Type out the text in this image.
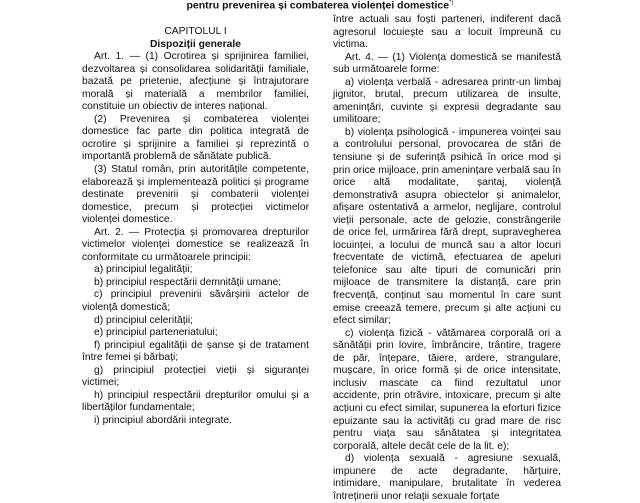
pentru prevenirea și combaterea violenței domestice*)

CAPITOLUL I

Dispoziții generale

Art. 1. — (1) Ocrotirea și sprijinirea familiei, dezvoltarea și consolidarea solidarității familiale, bazată pe prietenie, afecțiune și întrajutorare morală și materială a membrilor familiei, constituie un obiectiv de interes național.

(2) Prevenirea și combaterea violenței domestice fac parte din politica integrată de ocrotire și sprijinire a familiei și reprezintă o importantă problemă de sănătate publică.

(3) Statul român, prin autoritățile competente, elaborează și implementează politici și programe destinate prevenirii și combaterii violenței domestice, precum și protecției victimelor violenței domestice.

Art. 2. — Protecția și promovarea drepturilor victimelor violenței domestice se realizează în conformitate cu următoarele principii:

a) principiul legalității;

b) principiul respectării demnității umane;

c) principiul prevenirii săvârșirii actelor de violență domestică;

d) principiul celerității;

e) principiul parteneriatului;

f) principiul egalității de șanse și de tratament între femei și bărbați;

g) principiul protecției vieții și siguranței victimei;

h) principiul respectării drepturilor omului și a libertăților fundamentale;

i) principiul abordării integrate.

între actuali sau foști parteneri, indiferent dacă agresorul locuiește sau a locuit împreună cu victima.

Art. 4. — (1) Violența domestică se manifestă sub următoarele forme:

a) violența verbală - adresarea printr-un limbaj jignitor, brutal, precum utilizarea de insulte, amenințări, cuvinte și expresii degradante sau umilitoare;

b) violența psihologică - impunerea voinței sau a controlului personal, provocarea de stări de tensiune și de suferință psihică în orice mod și prin orice mijloace, prin amenințare verbală sau în orice altă modalitate, șantaj, violență demonstrativă asupra obiectelor și animalelor, afișare ostentativă a armelor, neglijare, controlul vieții personale, acte de gelozie, constrângerile de orice fel, urmărirea fără drept, supravegherea locuinței, a locului de muncă sau a altor locuri frecventate de victimă, efectuarea de apeluri telefonice sau alte tipuri de comunicări prin mijloace de transmitere la distanță, care prin frecvență, conținut sau momentul în care sunt emise creează temere, precum și alte acțiuni cu efect similar;

c) violența fizică - vătămarea corporală ori a sănătății prin lovire, îmbrâncire, trântire, tragere de păr, înțepare, tăiere, ardere, strangulare, mușcare, în orice formă și de orice intensitate, inclusiv mascate ca fiind rezultatul unor accidente, prin otrăvire, intoxicare, precum și alte acțiuni cu efect similar, supunerea la eforturi fizice epuizante sau la activități cu grad mare de risc pentru viața sau sănătatea și integritatea corporală, altele decât cele de la lit. e);

d) violența sexuală - agresiune sexuală, impunere de acte degradante, hărțuire, intimidare, manipulare, brutalitate în vederea întreținerii unor relații sexuale forțate
